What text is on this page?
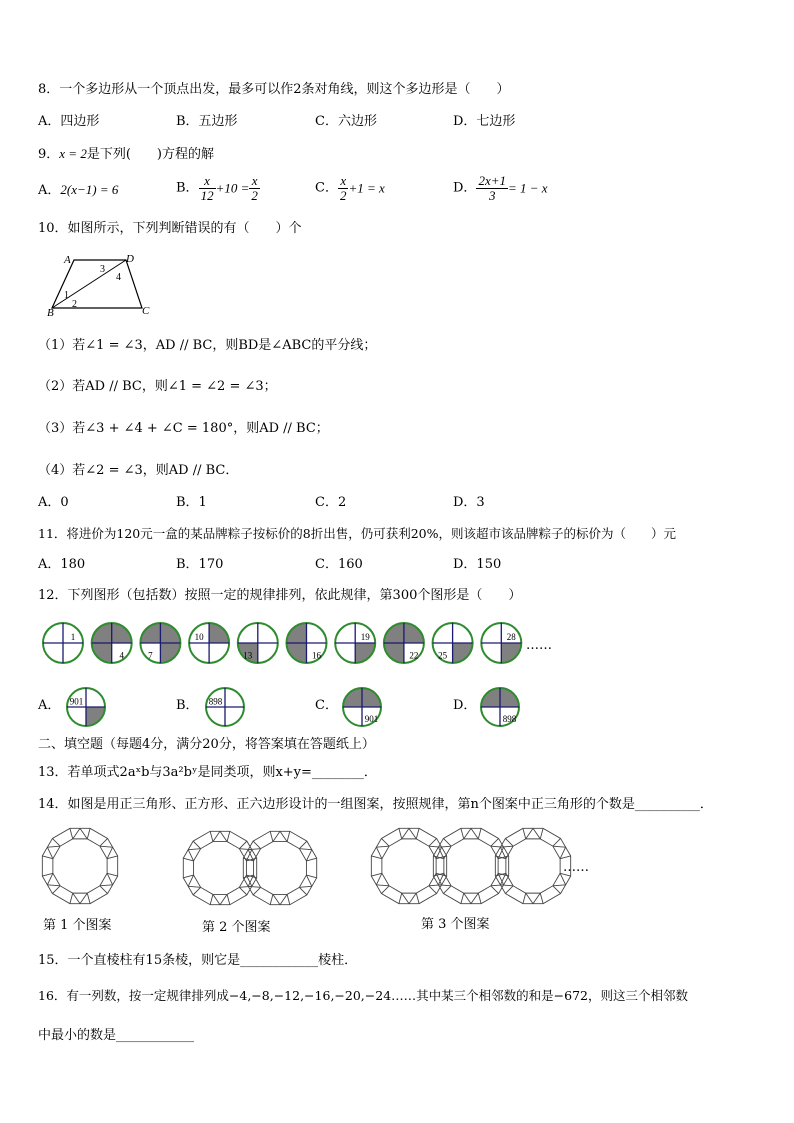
8．一个多边形从一个顶点出发，最多可以作2条对角线，则这个多边形是（　　）
A．四边形	B．五边形	C．六边形	D．七边形
9．x = 2是下列(　　)方程的解
A．2(x−1) = 6	B． $\frac{x}{12} +10 = \frac{x}{2}$	C． $\frac{x}{2} +1 = x$	D． $\frac{2x+1}{3} = 1 - x$
10．如图所示，下列判断错误的有（　　）个
A	D
B	C
3
4
1
2
（1）若∠1 = ∠3，AD // BC，则BD是∠ABC的平分线；
（2）若AD // BC，则∠1 = ∠2 = ∠3；
（3）若∠3 + ∠4 + ∠C = 180°，则AD // BC；
（4）若∠2 = ∠3，则AD // BC．
A．0	B．1	C．2	D．3
11．将进价为120元一盒的某品牌粽子按标价的8折出售，仍可获利20%，则该超市该品牌粽子的标价为（　　）元
A．180	B．170	C．160	D．150
12．下列图形（包括数）按照一定的规律排列，依此规律，第300个图形是（　　）
1
4	7
10
13	16
19
22 25
28
……
A．	B．	C．	D．
901	898
901	898
二、填空题（每题4分，满分20分，将答案填在答题纸上）
13．若单项式2aˣb与3a²bʸ是同类项，则x+y=________．
14．如图是用正三角形、正方形、正六边形设计的一组图案，按照规律，第n个图案中正三角形的个数是__________．
第 1 个图案	第 2 个图案	第 3 个图案
……
15．一个直棱柱有15条棱，则它是____________棱柱．
16．有一列数，按一定规律排列成−4,−8,−12,−16,−20,−24……其中某三个相邻数的和是−672，则这三个相邻数
中最小的数是____________
